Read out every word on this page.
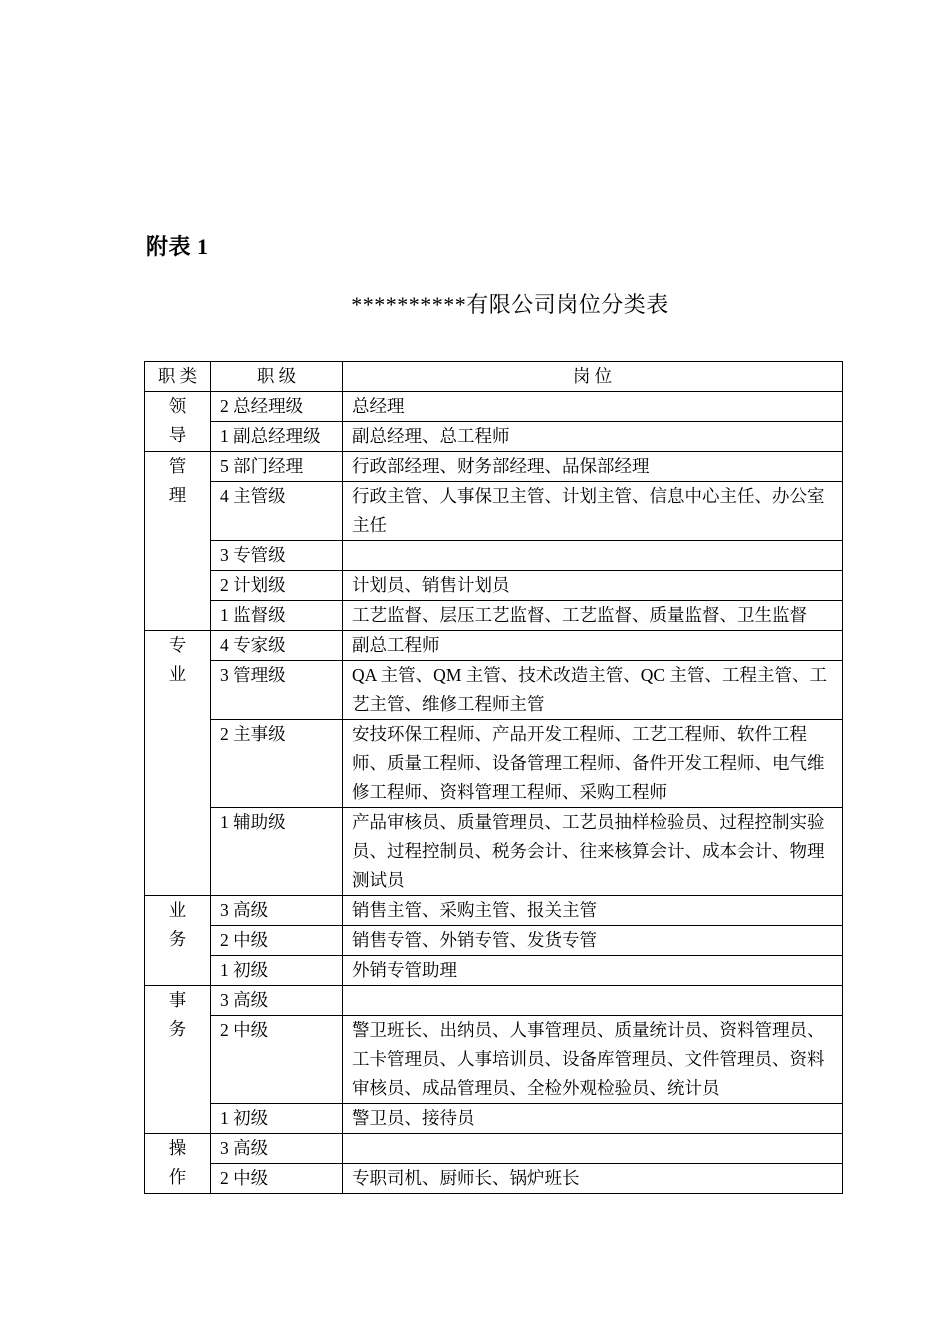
附表 1
**********有限公司岗位分类表
职 类	职 级	岗 位
领导	2 总经理级	总经理
	1 副总经理级	副总经理、总工程师
管理	5 部门经理	行政部经理、财务部经理、品保部经理
	4 主管级	行政主管、人事保卫主管、计划主管、信息中心主任、办公室主任
	3 专管级	
	2 计划级	计划员、销售计划员
	1 监督级	工艺监督、层压工艺监督、工艺监督、质量监督、卫生监督
专业	4 专家级	副总工程师
	3 管理级	QA 主管、QM 主管、技术改造主管、QC 主管、工程主管、工艺主管、维修工程师主管
	2 主事级	安技环保工程师、产品开发工程师、工艺工程师、软件工程师、质量工程师、设备管理工程师、备件开发工程师、电气维修工程师、资料管理工程师、采购工程师
	1 辅助级	产品审核员、质量管理员、工艺员抽样检验员、过程控制实验员、过程控制员、税务会计、往来核算会计、成本会计、物理测试员
业务	3 高级	销售主管、采购主管、报关主管
	2 中级	销售专管、外销专管、发货专管
	1 初级	外销专管助理
事务	3 高级	
	2 中级	警卫班长、出纳员、人事管理员、质量统计员、资料管理员、工卡管理员、人事培训员、设备库管理员、文件管理员、资料审核员、成品管理员、全检外观检验员、统计员
	1 初级	警卫员、接待员
操作	3 高级	
	2 中级	专职司机、厨师长、锅炉班长
